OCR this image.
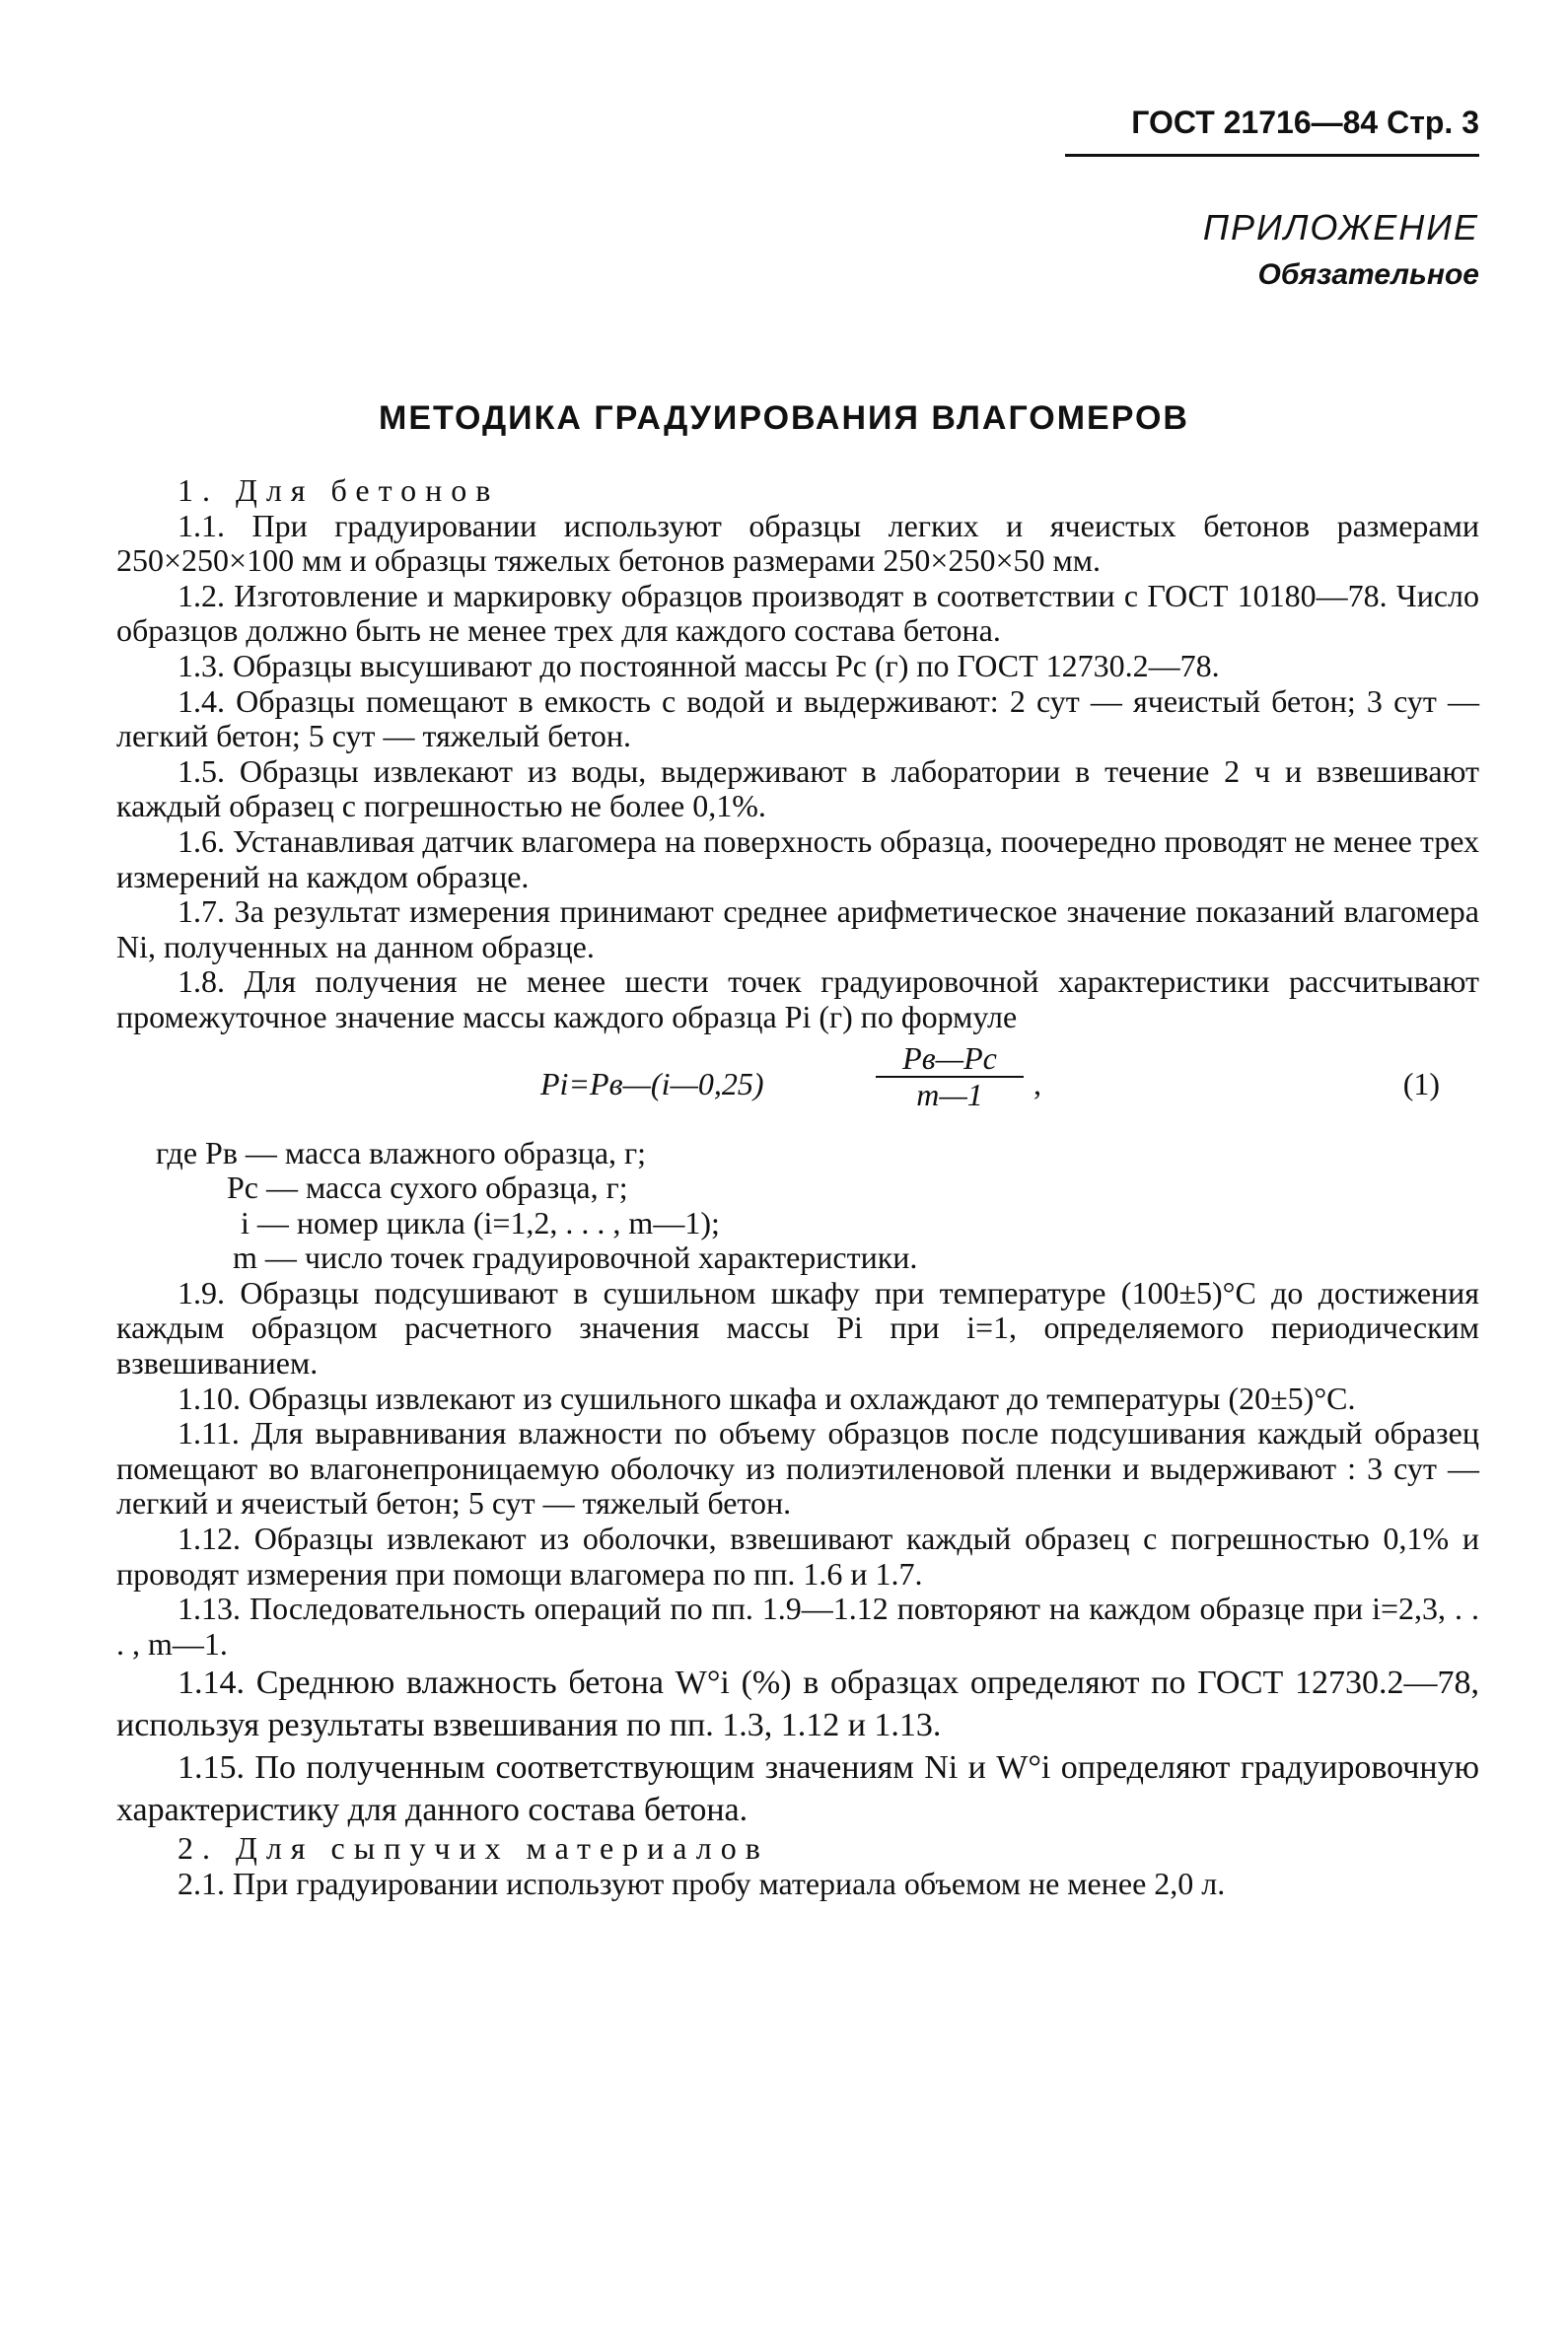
ГОСТ 21716—84 Стр. 3
ПРИЛОЖЕНИЕ
Обязательное
МЕТОДИКА ГРАДУИРОВАНИЯ ВЛАГОМЕРОВ

1. Для бетонов

1.1. При градуировании используют образцы легких и ячеистых бетонов размерами 250×250×100 мм и образцы тяжелых бетонов размерами 250×250×50 мм.

1.2. Изготовление и маркировку образцов производят в соответствии с ГОСТ 10180—78. Число образцов должно быть не менее трех для каждого состава бетона.

1.3. Образцы высушивают до постоянной массы Pс (г) по ГОСТ 12730.2—78.

1.4. Образцы помещают в емкость с водой и выдерживают: 2 сут — ячеистый бетон; 3 сут — легкий бетон; 5 сут — тяжелый бетон.

1.5. Образцы извлекают из воды, выдерживают в лаборатории в течение 2 ч и взвешивают каждый образец с погрешностью не более 0,1%.

1.6. Устанавливая датчик влагомера на поверхность образца, поочередно проводят не менее трех измерений на каждом образце.

1.7. За результат измерения принимают среднее арифметическое значение показаний влагомера Ni, полученных на данном образце.

1.8. Для получения не менее шести точек градуировочной характеристики рассчитывают промежуточное значение массы каждого образца Pi (г) по формуле

Pi=Pв—(i—0,25)
Pв—Pс
m—1	,	(1)
где Pв — масса влажного образца, г;
Pс — масса сухого образца, г;
i — номер цикла (i=1,2, . . . , m—1);
m — число точек градуировочной характеристики.

1.9. Образцы подсушивают в сушильном шкафу при температуре (100±5)°С до достижения каждым образцом расчетного значения массы Pi при i=1, определяемого периодическим взвешиванием.

1.10. Образцы извлекают из сушильного шкафа и охлаждают до температуры (20±5)°С.

1.11. Для выравнивания влажности по объему образцов после подсушивания каждый образец помещают во влагонепроницаемую оболочку из полиэтиленовой пленки и выдерживают : 3 сут — легкий и ячеистый бетон; 5 сут — тяжелый бетон.

1.12. Образцы извлекают из оболочки, взвешивают каждый образец с погрешностью 0,1% и проводят измерения при помощи влагомера по пп. 1.6 и 1.7.

1.13. Последовательность операций по пп. 1.9—1.12 повторяют на каждом образце при i=2,3, . . . , m—1.

1.14. Среднюю влажность бетона W°i (%) в образцах определяют по ГОСТ 12730.2—78, используя результаты взвешивания по пп. 1.3, 1.12 и 1.13.

1.15. По полученным соответствующим значениям Ni и W°i определяют градуировочную характеристику для данного состава бетона.

2. Для сыпучих материалов

2.1. При градуировании используют пробу материала объемом не менее 2,0 л.
